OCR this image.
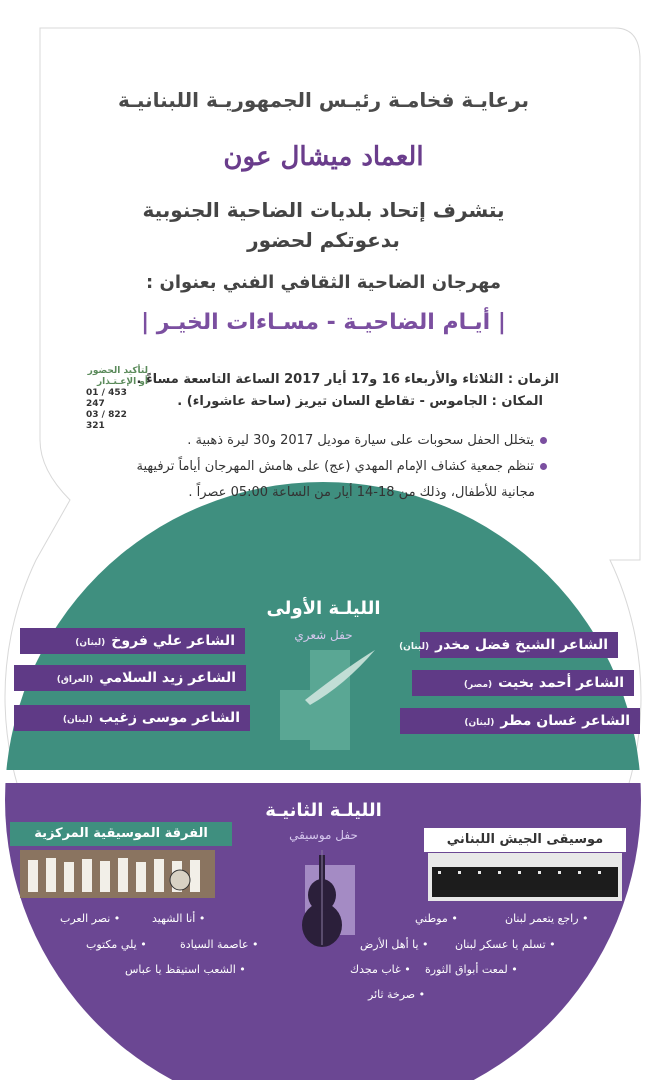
برعايـة فخامـة رئيـس الجمهوريـة اللبنانيـة
العماد ميشال عون
يتشرف إتحاد بلديات الضاحية الجنوبية
بدعوتكم لحضور
مهرجان الضاحية الثقافي الفني بعنوان :
| أيـام الضاحيـة - مسـاءات الخيـر |
الزمان : الثلاثاء والأربعاء 16 و17 أيار 2017 الساعة التاسعة مساءً .
المكان : الجاموس - تقاطع السان تيريز (ساحة عاشوراء) .
لتأكيد الحضور
أو الإعـتـذار
01 / 453 247
03 / 822 321
يتخلل الحفل سحوبات على سيارة موديل 2017 و30 ليرة ذهبية .
تنظم جمعية كشاف الإمام المهدي (عج) على هامش المهرجان أياماً ترفيهية
مجانية للأطفال، وذلك من 18-14 أيار من الساعة 05:00 عصراً .
الليلـة الأولى
حفل شعري
الشاعر علي فروخ(لبنان)
الشاعر زيد السلامي(العراق)
الشاعر موسى زغيب(لبنان)
الشاعر الشيخ فضل مخدر(لبنان)
الشاعر أحمد بخيت(مصر)
الشاعر غسان مطر(لبنان)
الليلـة الثانيـة
حفل موسيقي
الفرقة الموسيقية المركزية	موسيقى الجيش اللبناني
• أنا الشهيد
• نصر العرب
• عاصمة السيادة
• يلي مكتوب
• الشعب استيقظ يا عباس
• راجع يتعمر لبنان
• موطني
• تسلم يا عسكر لبنان
• يا أهل الأرض
• لمعت أبواق الثورة
• غاب مجدك
• صرخة ثائر
